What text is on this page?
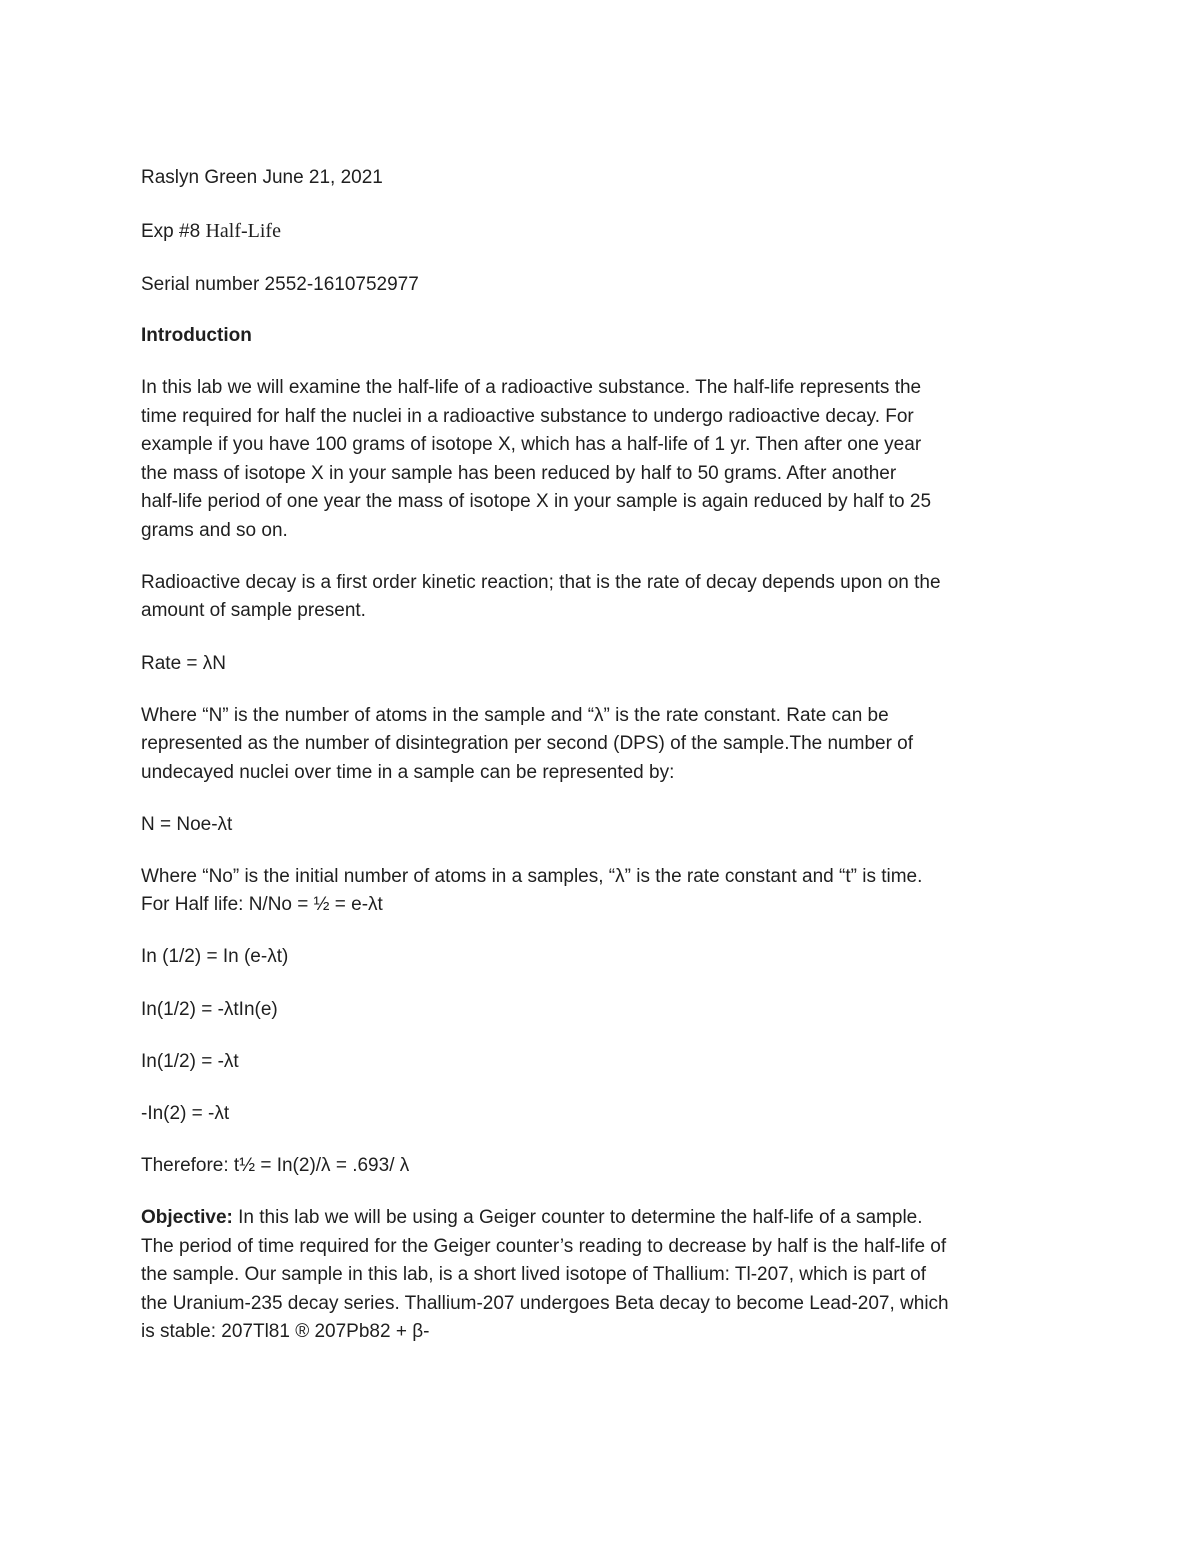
Raslyn Green June 21, 2021
Exp #8 Half-Life
Serial number 2552-1610752977
Introduction
In this lab we will examine the half-life of a radioactive substance. The half-life represents the
time required for half the nuclei in a radioactive substance to undergo radioactive decay. For
example if you have 100 grams of isotope X, which has a half-life of 1 yr. Then after one year
the mass of isotope X in your sample has been reduced by half to 50 grams. After another
half-life period of one year the mass of isotope X in your sample is again reduced by half to 25
grams and so on.
Radioactive decay is a first order kinetic reaction; that is the rate of decay depends upon on the
amount of sample present.
Rate = λN
Where “N” is the number of atoms in the sample and “λ” is the rate constant. Rate can be
represented as the number of disintegration per second (DPS) of the sample.The number of
undecayed nuclei over time in a sample can be represented by:
N = Noe-λt
Where “No” is the initial number of atoms in a samples, “λ” is the rate constant and “t” is time.
For Half life: N/No = ½ = e-λt
In (1/2) = In (e-λt)
In(1/2) = -λtIn(e)
In(1/2) = -λt
-In(2) = -λt
Therefore: t½ = In(2)/λ = .693/ λ
Objective: In this lab we will be using a Geiger counter to determine the half-life of a sample.
The period of time required for the Geiger counter’s reading to decrease by half is the half-life of
the sample. Our sample in this lab, is a short lived isotope of Thallium: Tl-207, which is part of
the Uranium-235 decay series. Thallium-207 undergoes Beta decay to become Lead-207, which
is stable: 207Tl81 ® 207Pb82 + β-
